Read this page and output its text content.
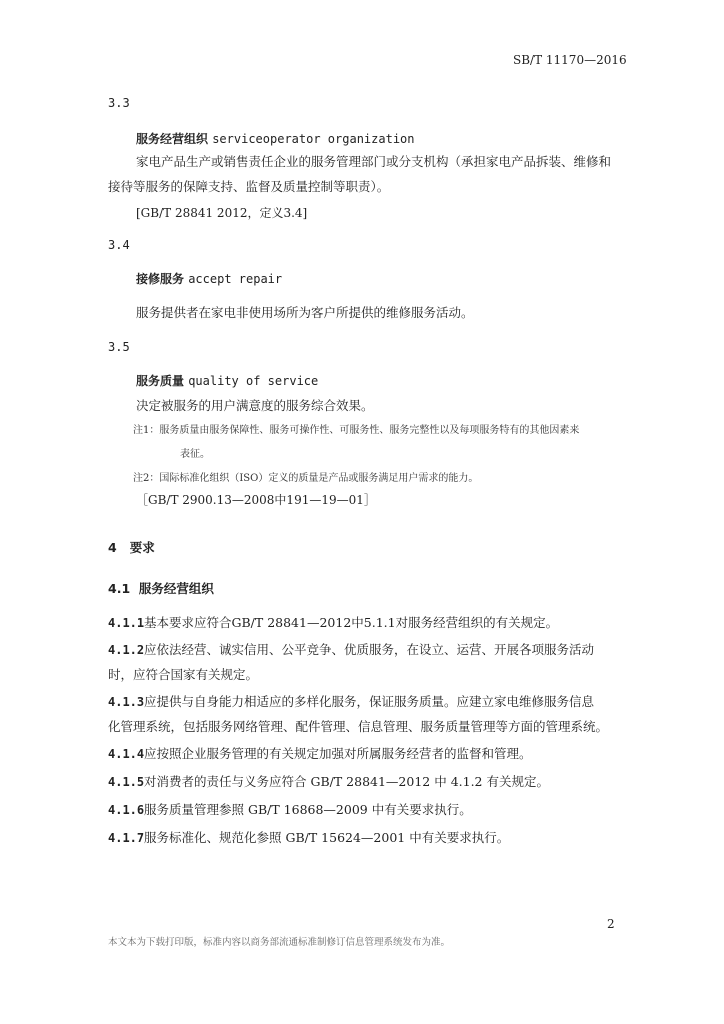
SB/T 11170—2016
3.3
服务经营组织 serviceoperator organization
家电产品生产或销售责任企业的服务管理部门或分支机构（承担家电产品拆装、维修和
接待等服务的保障支持、监督及质量控制等职责）。
[GB/T 28841 2012，定义3.4]
3.4
接修服务 accept repair
服务提供者在家电非使用场所为客户所提供的维修服务活动。
3.5
服务质量 quality of service
决定被服务的用户满意度的服务综合效果。
注1：服务质量由服务保障性、服务可操作性、可服务性、服务完整性以及每项服务特有的其他因素来
表征。
注2：国际标准化组织（ISO）定义的质量是产品或服务满足用户需求的能力。
［GB/T 2900.13—2008中191—19—01］
4 要求
4.1 服务经营组织
4.1.1基本要求应符合GB/T 28841—2012中5.1.1对服务经营组织的有关规定。
4.1.2应依法经营、诚实信用、公平竞争、优质服务，在设立、运营、开展各项服务活动
时，应符合国家有关规定。
4.1.3应提供与自身能力相适应的多样化服务，保证服务质量。应建立家电维修服务信息
化管理系统，包括服务网络管理、配件管理、信息管理、服务质量管理等方面的管理系统。
4.1.4应按照企业服务管理的有关规定加强对所属服务经营者的监督和管理。
4.1.5对消费者的责任与义务应符合 GB/T 28841—2012 中 4.1.2 有关规定。
4.1.6服务质量管理参照 GB/T 16868—2009 中有关要求执行。
4.1.7服务标准化、规范化参照 GB/T 15624—2001 中有关要求执行。
2
本文本为下载打印版，标准内容以商务部流通标准制修订信息管理系统发布为准。
